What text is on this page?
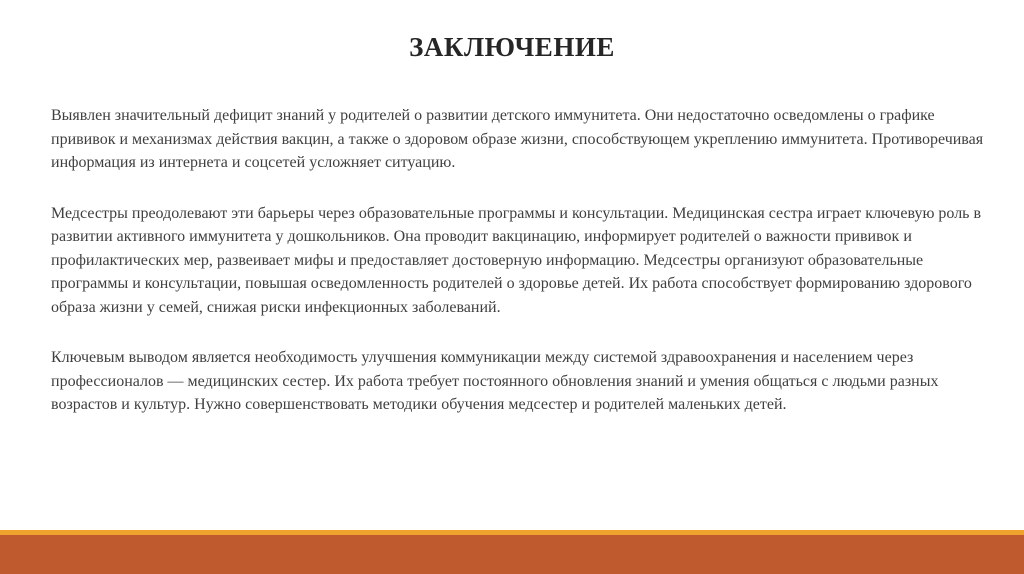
ЗАКЛЮЧЕНИЕ

Выявлен значительный дефицит знаний у родителей о развитии детского иммунитета. Они недостаточно осведомлены о графике прививок и механизмах действия вакцин, а также о здоровом образе жизни, способствующем укреплению иммунитета. Противоречивая информация из интернета и соцсетей усложняет ситуацию.

Медсестры преодолевают эти барьеры через образовательные программы и консультации. Медицинская сестра играет ключевую роль в развитии активного иммунитета у дошкольников. Она проводит вакцинацию, информирует родителей о важности прививок и профилактических мер, развеивает мифы и предоставляет достоверную информацию. Медсестры организуют образовательные программы и консультации, повышая осведомленность родителей о здоровье детей. Их работа способствует формированию здорового образа жизни у семей, снижая риски инфекционных заболеваний.

Ключевым выводом является необходимость улучшения коммуникации между системой здравоохранения и населением через профессионалов — медицинских сестер. Их работа требует постоянного обновления знаний и умения общаться с людьми разных возрастов и культур. Нужно совершенствовать методики обучения медсестер и родителей маленьких детей.
